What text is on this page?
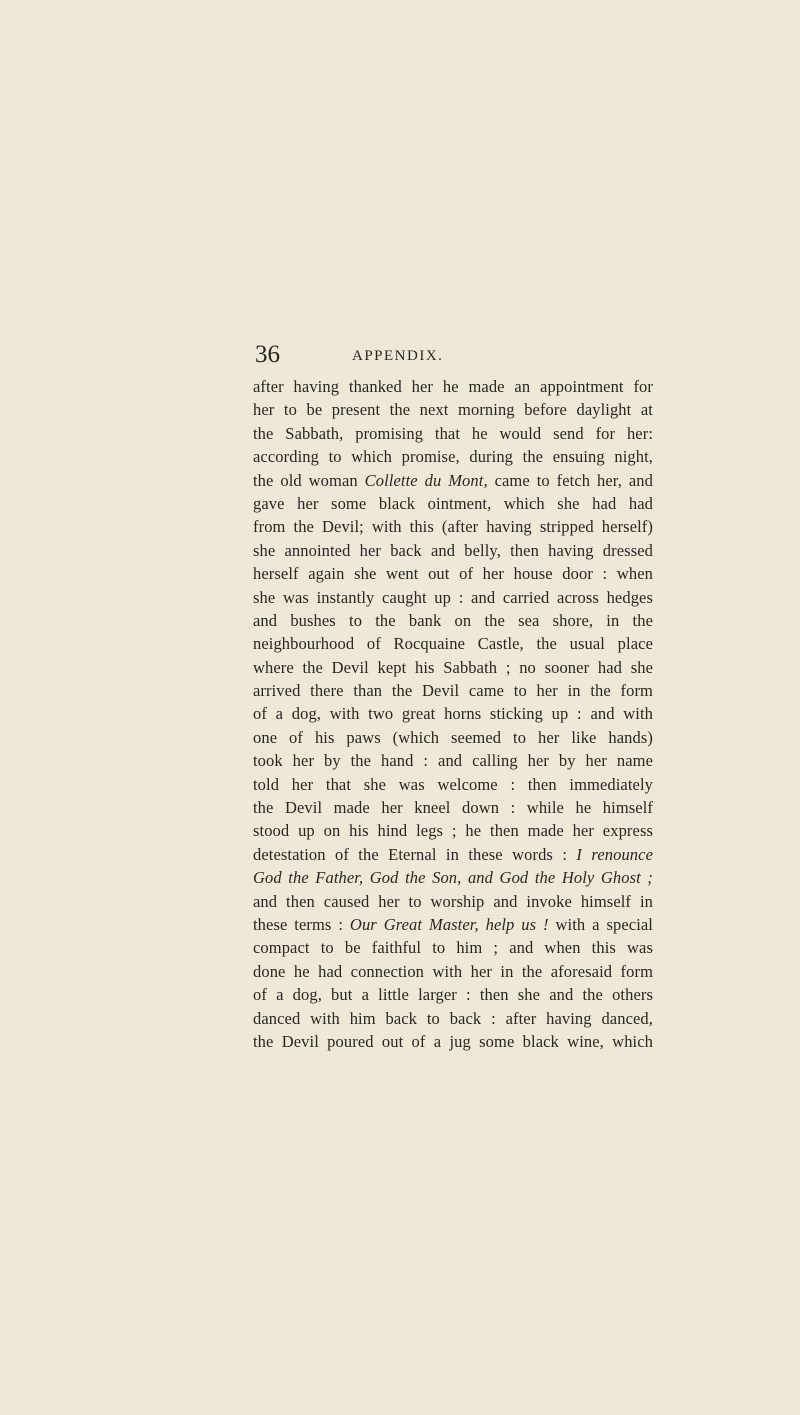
36	APPENDIX.
after having thanked her he made an appointment for
her to be present the next morning before daylight at
the Sabbath, promising that he would send for her:
according to which promise, during the ensuing night,
the old woman Collette du Mont, came to fetch her, and
gave her some black ointment, which she had had
from the Devil; with this (after having stripped herself)
she annointed her back and belly, then having dressed
herself again she went out of her house door : when
she was instantly caught up : and carried across hedges
and bushes to the bank on the sea shore, in the
neighbourhood of Rocquaine Castle, the usual place
where the Devil kept his Sabbath ; no sooner had she
arrived there than the Devil came to her in the form
of a dog, with two great horns sticking up : and with
one of his paws (which seemed to her like hands)
took her by the hand : and calling her by her name
told her that she was welcome : then immediately
the Devil made her kneel down : while he himself
stood up on his hind legs ; he then made her express
detestation of the Eternal in these words : I renounce
God the Father, God the Son, and God the Holy Ghost ;
and then caused her to worship and invoke himself in
these terms : Our Great Master, help us ! with a special
compact to be faithful to him ; and when this was
done he had connection with her in the aforesaid form
of a dog, but a little larger : then she and the others
danced with him back to back : after having danced,
the Devil poured out of a jug some black wine, which
